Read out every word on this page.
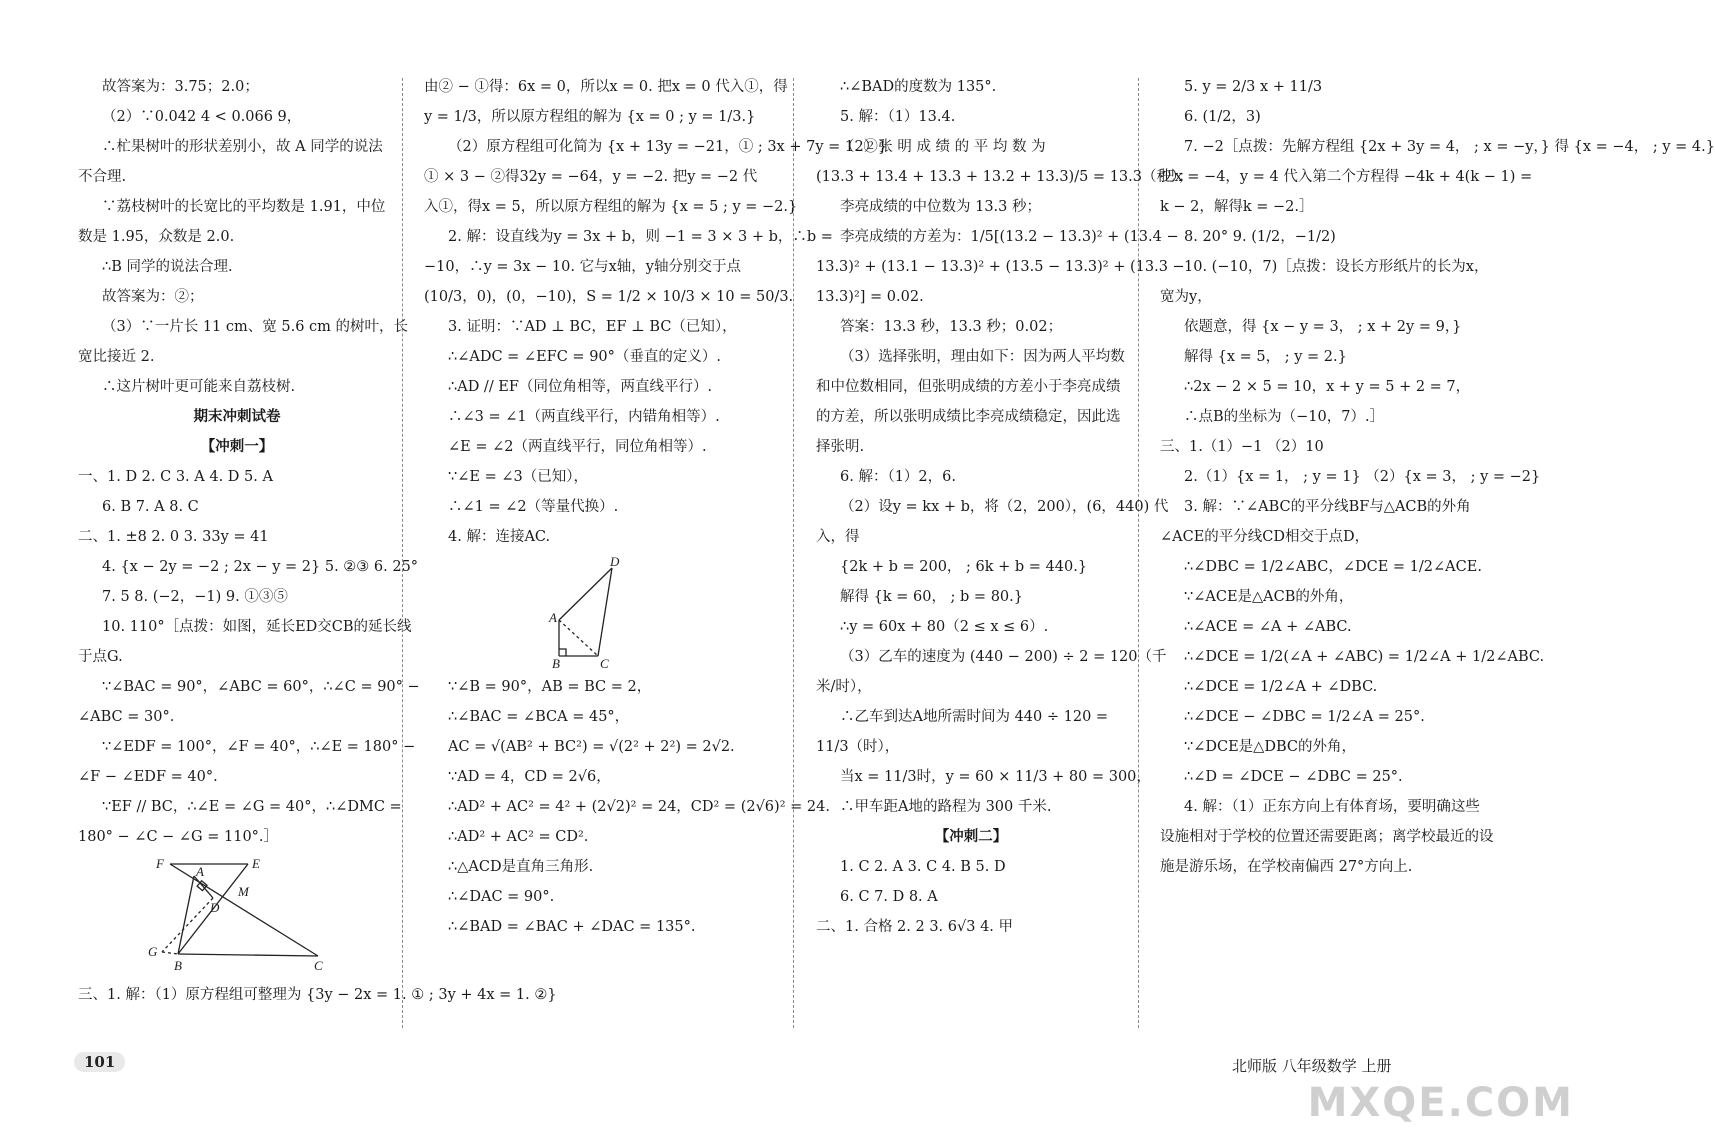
故答案为：3.75；2.0；

（2）∵0.042 4 < 0.066 9，

∴杧果树叶的形状差别小，故 A 同学的说法

不合理.

∵荔枝树叶的长宽比的平均数是 1.91，中位

数是 1.95，众数是 2.0.

∴B 同学的说法合理.

故答案为：②；

（3）∵一片长 11 cm、宽 5.6 cm 的树叶，长

宽比接近 2.

∴这片树叶更可能来自荔枝树.

期末冲刺试卷

【冲刺一】

一、1. D 2. C 3. A 4. D 5. A

6. B 7. A 8. C

二、1. ±8 2. 0 3. 33y = 41

4. {x − 2y = −2 ; 2x − y = 2} 5. ②③ 6. 25°

7. 5 8. (−2，−1) 9. ①③⑤

10. 110°［点拨：如图，延长ED交CB的延长线

于点G.

∵∠BAC = 90°，∠ABC = 60°，∴∠C = 90° −

∠ABC = 30°.

∵∠EDF = 100°，∠F = 40°，∴∠E = 180° −

∠F − ∠EDF = 40°.

∵EF // BC，∴∠E = ∠G = 40°，∴∠DMC =

180° − ∠C − ∠G = 110°.］

F
A
E
M
D
G
B	C

三、1. 解：（1）原方程组可整理为 {3y − 2x = 1. ① ; 3y + 4x = 1. ②}

由② − ①得：6x = 0，所以x = 0. 把x = 0 代入①，得

y = 1/3，所以原方程组的解为 {x = 0 ; y = 1/3.}

（2）原方程组可化简为 {x + 13y = −21，① ; 3x + 7y = 1. ②}

① × 3 − ②得32y = −64，y = −2. 把y = −2 代

入①，得x = 5，所以原方程组的解为 {x = 5 ; y = −2.}

2. 解：设直线为y = 3x + b，则 −1 = 3 × 3 + b，∴b =

−10，∴y = 3x − 10. 它与x轴，y轴分别交于点

(10/3，0)，(0，−10)，S = 1/2 × 10/3 × 10 = 50/3.

3. 证明：∵AD ⊥ BC，EF ⊥ BC（已知），

∴∠ADC = ∠EFC = 90°（垂直的定义）.

∴AD // EF（同位角相等，两直线平行）.

∴∠3 = ∠1（两直线平行，内错角相等）.

∠E = ∠2（两直线平行，同位角相等）.

∵∠E = ∠3（已知），

∴∠1 = ∠2（等量代换）.

4. 解：连接AC.

D
A
B	C

∵∠B = 90°，AB = BC = 2，

∴∠BAC = ∠BCA = 45°，

AC = √(AB² + BC²) = √(2² + 2²) = 2√2.

∵AD = 4，CD = 2√6，

∴AD² + AC² = 4² + (2√2)² = 24，CD² = (2√6)² = 24.

∴AD² + AC² = CD².

∴△ACD是直角三角形.

∴∠DAC = 90°.

∴∠BAD = ∠BAC + ∠DAC = 135°.

∴∠BAD的度数为 135°.

5. 解：（1）13.4.

（2）张 明 成 绩 的 平 均 数 为

(13.3 + 13.4 + 13.3 + 13.2 + 13.3)/5 = 13.3（秒）；

李亮成绩的中位数为 13.3 秒；

李亮成绩的方差为：1/5[(13.2 − 13.3)² + (13.4 −

13.3)² + (13.1 − 13.3)² + (13.5 − 13.3)² + (13.3 −

13.3)²] = 0.02.

答案：13.3 秒，13.3 秒；0.02；

（3）选择张明，理由如下：因为两人平均数

和中位数相同，但张明成绩的方差小于李亮成绩

的方差，所以张明成绩比李亮成绩稳定，因此选

择张明.

6. 解：（1）2，6.

（2）设y = kx + b，将（2，200），(6，440) 代

入，得

{2k + b = 200， ; 6k + b = 440.}

解得 {k = 60， ; b = 80.}

∴y = 60x + 80（2 ≤ x ≤ 6）.

（3）乙车的速度为 (440 − 200) ÷ 2 = 120（千

米/时），

∴乙车到达A地所需时间为 440 ÷ 120 =

11/3（时），

当x = 11/3时，y = 60 × 11/3 + 80 = 300，

∴甲车距A地的路程为 300 千米.

【冲刺二】

1. C 2. A 3. C 4. B 5. D

6. C 7. D 8. A

二、1. 合格 2. 2 3. 6√3 4. 甲

5. y = 2/3 x + 11/3

6. (1/2，3)

7. −2［点拨：先解方程组 {2x + 3y = 4， ; x = −y，} 得 {x = −4， ; y = 4.}

把x = −4，y = 4 代入第二个方程得 −4k + 4(k − 1) =

k − 2，解得k = −2.］

8. 20° 9. (1/2，−1/2)

10. (−10，7)［点拨：设长方形纸片的长为x，

宽为y，

依题意，得 {x − y = 3， ; x + 2y = 9，}

解得 {x = 5， ; y = 2.}

∴2x − 2 × 5 = 10，x + y = 5 + 2 = 7，

∴点B的坐标为（−10，7）.］

三、1.（1）−1 （2）10

2.（1）{x = 1， ; y = 1} （2）{x = 3， ; y = −2}

3. 解：∵∠ABC的平分线BF与△ACB的外角

∠ACE的平分线CD相交于点D，

∴∠DBC = 1/2∠ABC，∠DCE = 1/2∠ACE.

∵∠ACE是△ACB的外角，

∴∠ACE = ∠A + ∠ABC.

∴∠DCE = 1/2(∠A + ∠ABC) = 1/2∠A + 1/2∠ABC.

∴∠DCE = 1/2∠A + ∠DBC.

∴∠DCE − ∠DBC = 1/2∠A = 25°.

∵∠DCE是△DBC的外角，

∴∠D = ∠DCE − ∠DBC = 25°.

4. 解：（1）正东方向上有体育场，要明确这些

设施相对于学校的位置还需要距离；离学校最近的设

施是游乐场，在学校南偏西 27°方向上.

101	北师版 八年级数学 上册
MXQE.COM
